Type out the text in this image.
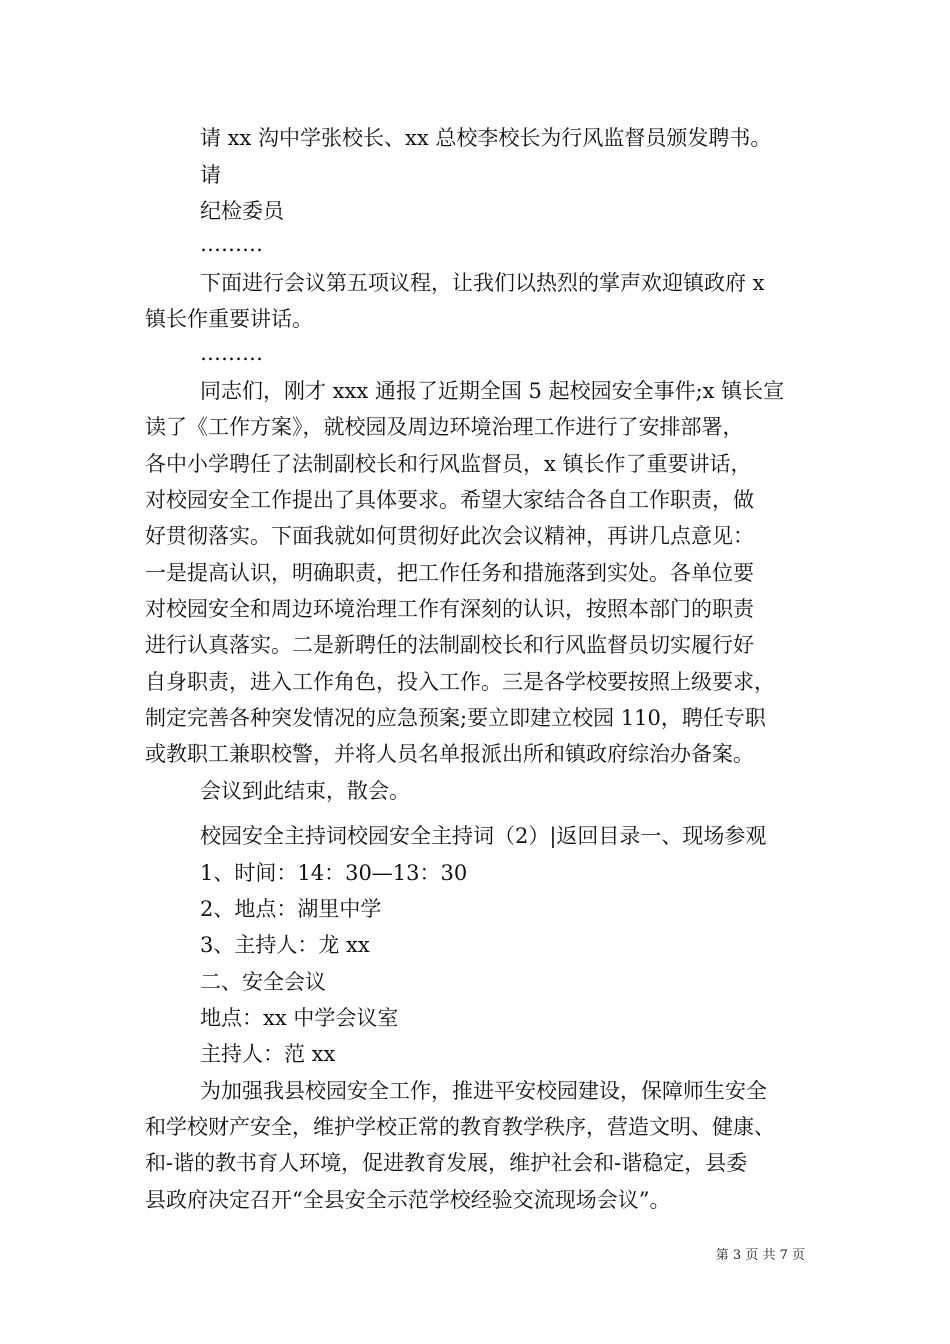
请 xx 沟中学张校长、xx 总校李校长为行风监督员颁发聘书。
请
纪检委员
………
下面进行会议第五项议程，让我们以热烈的掌声欢迎镇政府 x
镇长作重要讲话。
………
同志们，刚才 xxx 通报了近期全国 5 起校园安全事件;x 镇长宣
读了《工作方案》，就校园及周边环境治理工作进行了安排部署，
各中小学聘任了法制副校长和行风监督员，x 镇长作了重要讲话，
对校园安全工作提出了具体要求。希望大家结合各自工作职责，做
好贯彻落实。下面我就如何贯彻好此次会议精神，再讲几点意见：
一是提高认识，明确职责，把工作任务和措施落到实处。各单位要
对校园安全和周边环境治理工作有深刻的认识，按照本部门的职责
进行认真落实。二是新聘任的法制副校长和行风监督员切实履行好
自身职责，进入工作角色，投入工作。三是各学校要按照上级要求，
制定完善各种突发情况的应急预案;要立即建立校园 110，聘任专职
或教职工兼职校警，并将人员名单报派出所和镇政府综治办备案。
会议到此结束，散会。
校园安全主持词校园安全主持词（2）|返回目录一、现场参观
1、时间：14：30—13：30
2、地点：湖里中学
3、主持人：龙 xx
二、安全会议
地点：xx 中学会议室
主持人：范 xx
为加强我县校园安全工作，推进平安校园建设，保障师生安全
和学校财产安全，维护学校正常的教育教学秩序，营造文明、健康、
和-谐的教书育人环境，促进教育发展，维护社会和-谐稳定，县委
县政府决定召开“全县安全示范学校经验交流现场会议”。
第 3 页 共 7 页
